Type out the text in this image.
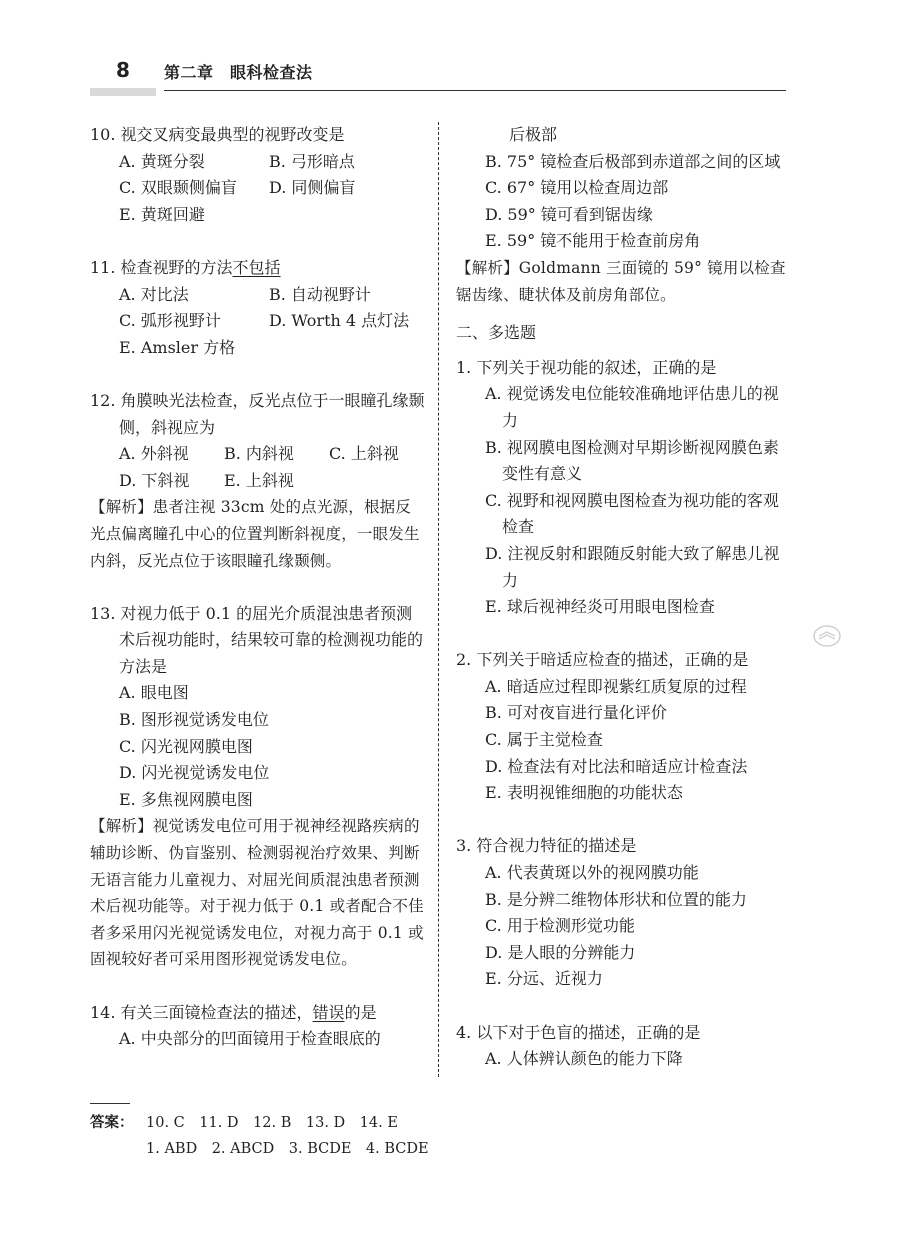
8	第二章　眼科检查法
10. 视交叉病变最典型的视野改变是
A. 黄斑分裂	B. 弓形暗点
C. 双眼颞侧偏盲	D. 同侧偏盲
E. 黄斑回避
11. 检查视野的方法不包括
A. 对比法	B. 自动视野计
C. 弧形视野计	D. Worth 4 点灯法
E. Amsler 方格
12. 角膜映光法检查，反光点位于一眼瞳孔缘颞侧，斜视应为
A. 外斜视	B. 内斜视	C. 上斜视
D. 下斜视	E. 上斜视
【解析】患者注视 33cm 处的点光源，根据反光点偏离瞳孔中心的位置判断斜视度，一眼发生内斜，反光点位于该眼瞳孔缘颞侧。
13. 对视力低于 0.1 的屈光介质混浊患者预测术后视功能时，结果较可靠的检测视功能的方法是
A. 眼电图
B. 图形视觉诱发电位
C. 闪光视网膜电图
D. 闪光视觉诱发电位
E. 多焦视网膜电图
【解析】视觉诱发电位可用于视神经视路疾病的辅助诊断、伪盲鉴别、检测弱视治疗效果、判断无语言能力儿童视力、对屈光间质混浊患者预测术后视功能等。对于视力低于 0.1 或者配合不佳者多采用闪光视觉诱发电位，对视力高于 0.1 或固视较好者可采用图形视觉诱发电位。
14. 有关三面镜检查法的描述，错误的是
A. 中央部分的凹面镜用于检查眼底的
后极部
B. 75° 镜检查后极部到赤道部之间的区域
C. 67° 镜用以检查周边部
D. 59° 镜可看到锯齿缘
E. 59° 镜不能用于检查前房角
【解析】Goldmann 三面镜的 59° 镜用以检查锯齿缘、睫状体及前房角部位。
二、多选题
1. 下列关于视功能的叙述，正确的是
A. 视觉诱发电位能较准确地评估患儿的视力
B. 视网膜电图检测对早期诊断视网膜色素变性有意义
C. 视野和视网膜电图检查为视功能的客观检查
D. 注视反射和跟随反射能大致了解患儿视力
E. 球后视神经炎可用眼电图检查
2. 下列关于暗适应检查的描述，正确的是
A. 暗适应过程即视紫红质复原的过程
B. 可对夜盲进行量化评价
C. 属于主觉检查
D. 检查法有对比法和暗适应计检查法
E. 表明视锥细胞的功能状态
3. 符合视力特征的描述是
A. 代表黄斑以外的视网膜功能
B. 是分辨二维物体形状和位置的能力
C. 用于检测形觉功能
D. 是人眼的分辨能力
E. 分远、近视力
4. 以下对于色盲的描述，正确的是
A. 人体辨认颜色的能力下降
答案： 10. C　11. D　12. B　13. D　14. E
1. ABD　2. ABCD　3. BCDE　4. BCDE
